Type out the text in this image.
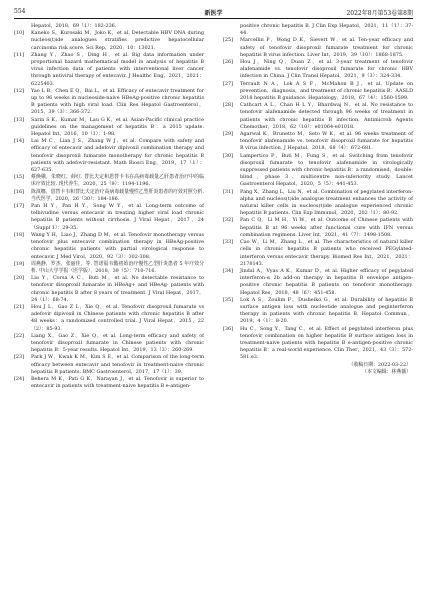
554	新医学	2022年8月第53卷第8期
Hepatol，2018，69（1）：182-236.
[10]	Kaneko S，Kurosaki M，Joko K，et al. Detectable HBV DNA during nucleos(t)ide analogues stratifies predictive hepatocellular carcinoma risk score. Sci Rep，2020，10：13021.
[11]	Zhang Y，Zhao S，Ding H，et al. Big data information under proportional hazard mathematical model in analysis of hepatitis B virus infection data of patients with interventional liver cancer through antiviral therapy of entecavir. J Healthc Eng，2021，2021：6225403.
[12]	Yao L B，Chen E Q，Bai L，et al. Efficacy of entecavir treatment for up to 96 weeks in nucleoside-naive HBeAg-positive chronic hepatitis B patients with high viral load. Clin Res Hepatol Gastroenterol，2015，39（3）：366-372.
[13]	Sarin S K，Kumar M，Lau G K，et al. Asian-Pacific clinical practice guidelines on the management of hepatitis B：a 2015 update. Hepatol Int，2016，10（1）：1-98.
[14]	Lai M C，Lian J S，Zhang W J，et al. Compare with safety and efficacy of entecavir and adefovir dipivoxil combination therapy and tenofovir disoproxil fumarate monotherapy for chronic hepatitis B patients with adefovir-resistant. Math Biosci Eng，2019，17（1）：627-635.
[15]	蔡焕娥，朱晓红，薛红. 替比夫定和恩替卡韦在高病毒载量乙肝患者治疗中的临床疗效比较. 现代养生，2020，25（9）：1194-1196.
[16]	陈滇娜，恩替卡韦和替比夫定治疗高病毒载量慢性乙型肝炎患者的疗效对照分析. 当代医学，2020，26（30）：184-186.
[17]	Pan H Y，Pan H Y，Song W Y，et al. Long-term outcome of telbivudine versus entecavir in treating higher viral load chronic hepatitis B patients without cirrhosis. J Viral Hepat，2017，24（Suppl 1）：29-35.
[18]	Wang Y H，Liao J，Zhang D M，et al. Tenofovir monotherapy versus tenofovir plus entecavir combination therapy in HBeAg-positive chronic hepatitis patients with partial virological response to entecavir. J Med Virol，2020，92（3）：302-308.
[19]	周燕静，罗杰，张丽佳，等. 替诺福韦酯初始治疗慢性乙型肝炎患者 5 年疗效分析. 中山大学学报（医学版），2018，39（5）：710-716.
[20]	Liu Y，Corsa A C，Buti M，et al. No detectable resistance to tenofovir disoproxil fumarate in HBeAg+ and HBeAg- patients with chronic hepatitis B after 8 years of treatment. J Viral Hepat，2017，24（1）：68-74.
[21]	Hou J L，Gao Z L，Xie Q，et al. Tenofovir disoproxil fumarate vs adefovir dipivoxil in Chinese patients with chronic hepatitis B after 48 weeks：a randomized controlled trial. J Viral Hepat，2015，22（2）：85-93.
[22]	Liang X，Gao Z，Xie Q，et al. Long-term efficacy and safety of tenofovir disoproxil fumarate in Chinese patients with chronic hepatitis B：5-year results. Hepatol Int，2019，13（3）：260-269.
[23]	Park J W，Kwak K M，Kim S E，et al. Comparison of the long-term efficacy between entecavir and tenofovir in treatment-naive chronic hepatitis B patients. BMC Gastroenterol，2017，17（1）：39.
[24]	Behera M K，Pati G K，Narayan J，et al. Tenofovir is superior to entecavir in patients with treatment-naive hepatitis B e-antigen-
positive chronic hepatitis B. J Clin Exp Hepatol，2021，11（1）：37-44.
[25]	Marcellin P，Wong D K，Sievert W，et al. Ten-year efficacy and safety of tenofovir disoproxil fumarate treatment for chronic hepatitis B virus infection. Liver Int，2019，39（10）：1868-1875.
[26]	Hou J，Ning Q，Duan Z，et al. 3-year treatment of tenofovir alafenamide vs. tenofovir disoproxil fumarate for chronic HBV infection in China. J Clin Transl Hepatol，2021，9（3）：324-334.
[27]	Terrault N A，Lok A S F，McMahon B J，et al. Update on prevention，diagnosis，and treatment of chronic hepatitis B：AASLD 2018 hepatitis B guidance. Hepatology，2018，67（4）：1560-1599.
[28]	Cathcart A L，Chan H L Y，Bhardwaj N，et al. No resistance to tenofovir alafenamide detected through 96 weeks of treatment in patients with chronic hepatitis B infection. Antimicrob Agents Chemother，2018，62（10）：e01064-e01018.
[29]	Agarwal K，Brunetto M，Seto W K，et al. 96 weeks treatment of tenofovir alafenamide vs. tenofovir disoproxil fumarate for hepatitis B virus infection. J Hepatol，2018，68（4）：672-681.
[30]	Lampertico P，Buti M，Fung S，et al. Switching from tenofovir disoproxil fumarate to tenofovir alafenamide in virologically suppressed patients with chronic hepatitis B：a randomised，double-blind，phase 3，multicentre non-inferiority study. Lancet Gastroenterol Hepatol，2020，5（5）：441-453.
[31]	Pang X，Zhang L，Liu N，et al. Combination of pegylated interferon-alpha and nucleos(t)ide analogue treatment enhances the activity of natural killer cells in nucleos(t)ide analogue experienced chronic hepatitis B patients. Clin Exp Immunol，2020，202（1）：80-92.
[32]	Pan C Q，Li M H，Yi W，et al. Outcome of Chinese patients with hepatitis B at 96 weeks after functional cure with IFN versus combination regimens. Liver Int，2021，41（7）：1498-1508.
[33]	Cao W，Li M，Zhang L，et al. The characteristics of natural killer cells in chronic hepatitis B patients who received PEGylated-interferon versus entecavir therapy. Biomed Res Int，2021，2021：2178143.
[34]	Jindal A，Vyas A K，Kumar D，et al. Higher efficacy of pegylated interferon-α 2b add-on therapy in hepatitis B envelope antigen-positive chronic hepatitis B patients on tenofovir monotherapy. Hepatol Res，2018，48（6）：451-458.
[35]	Lok A S，Zoulim F，Dusheiko G，et al. Durability of hepatitis B surface antigen loss with nucleotide analogue and peginterferon therapy in patients with chronic hepatitis B. Hepatol Commun，2019，4（1）：8-20.
[36]	Hu C，Song Y，Tang C，et al. Effect of pegylated interferon plus tenofovir combination on higher hepatitis B surface antigen loss in treatment-naive patients with hepatitis B e-antigen-positive chronic hepatitis B：a real-world experience. Clin Ther，2021，43（3）：572-581.e3.
（收稿日期：2022-03-22）
（本文编辑：林燕薇）
